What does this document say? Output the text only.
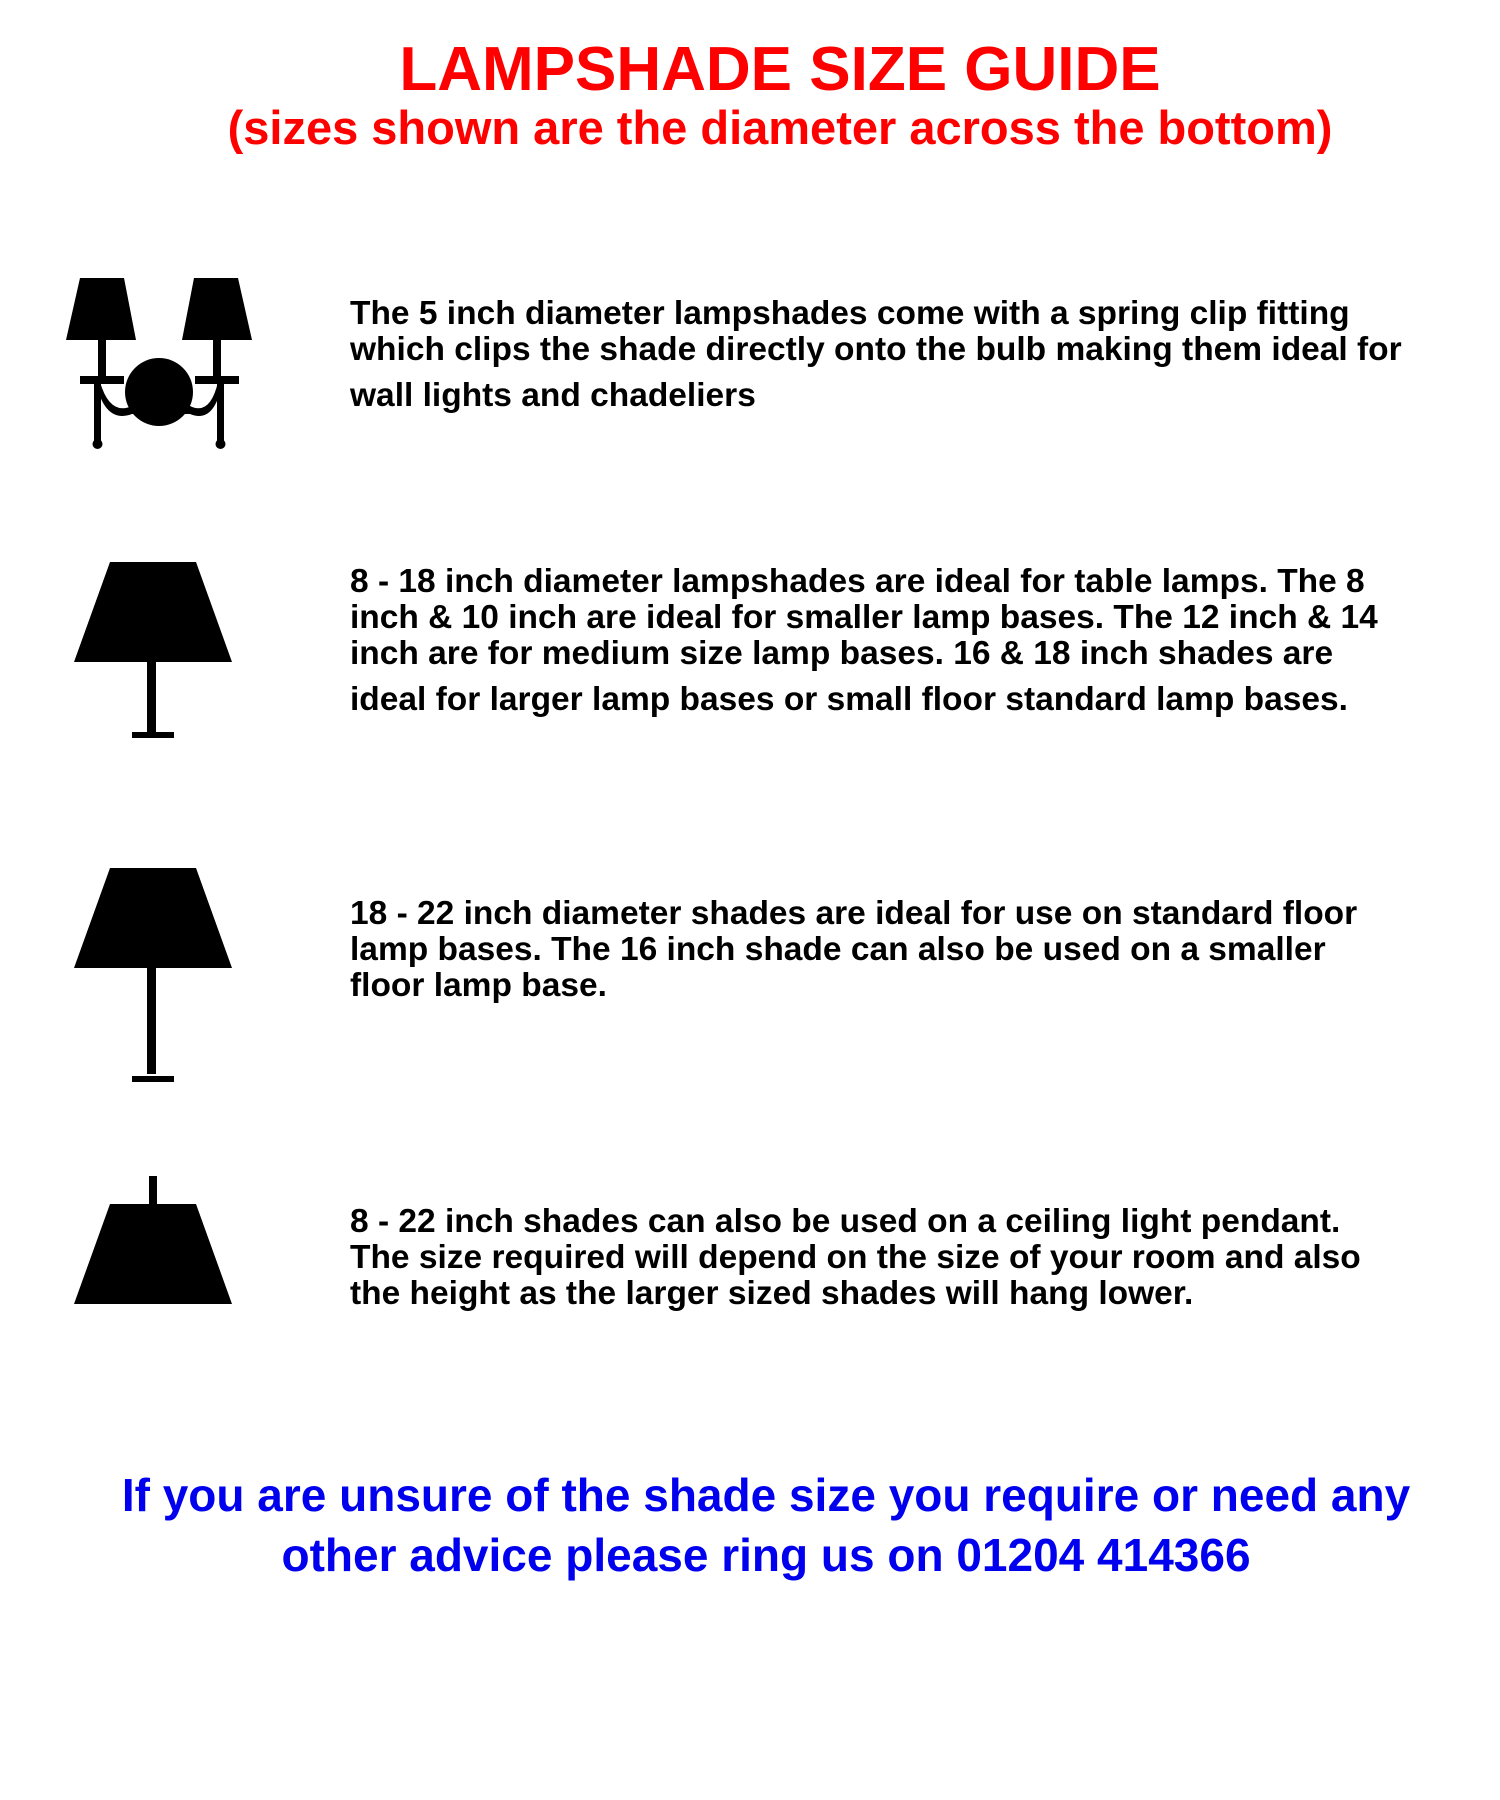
LAMPSHADE SIZE GUIDE
(sizes shown are the diameter across the bottom)

The 5 inch diameter lampshades come with a spring clip fitting
which clips the shade directly onto the bulb making them ideal for
wall lights and chadeliers

8 - 18 inch diameter lampshades are ideal for table lamps. The 8
inch & 10 inch are ideal for smaller lamp bases. The 12 inch & 14
inch are for medium size lamp bases. 16 & 18 inch shades are
ideal for larger lamp bases or small floor standard lamp bases.

18 - 22 inch diameter shades are ideal for use on standard floor
lamp bases. The 16 inch shade can also be used on a smaller
floor lamp base.

8 - 22 inch shades can also be used on a ceiling light pendant.
The size required will depend on the size of your room and also
the height as the larger sized shades will hang lower.

If you are unsure of the shade size you require or need any
other advice please ring us on 01204 414366
